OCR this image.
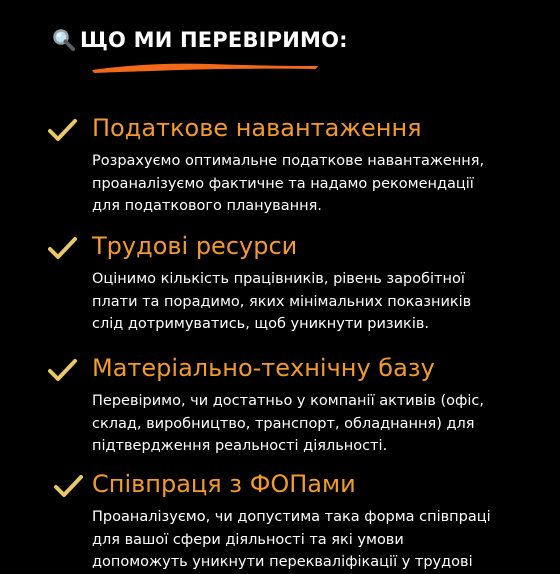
ЩО МИ ПЕРЕВІРИМО:
Податкове навантаження
Розрахуємо оптимальне податкове навантаження,
проаналізуємо фактичне та надамо рекомендації
для податкового планування.
Трудові ресурси
Оцінимо кількість працівників, рівень заробітної
плати та порадимо, яких мінімальних показників
слід дотримуватись, щоб уникнути ризиків.
Матеріально-технічну базу
Перевіримо, чи достатньо у компанії активів (офіс,
склад, виробництво, транспорт, обладнання) для
підтвердження реальності діяльності.
Співпраця з ФОПами
Проаналізуємо, чи допустима така форма співпраці
для вашої сфери діяльності та які умови
допоможуть уникнути перекваліфікації у трудові
